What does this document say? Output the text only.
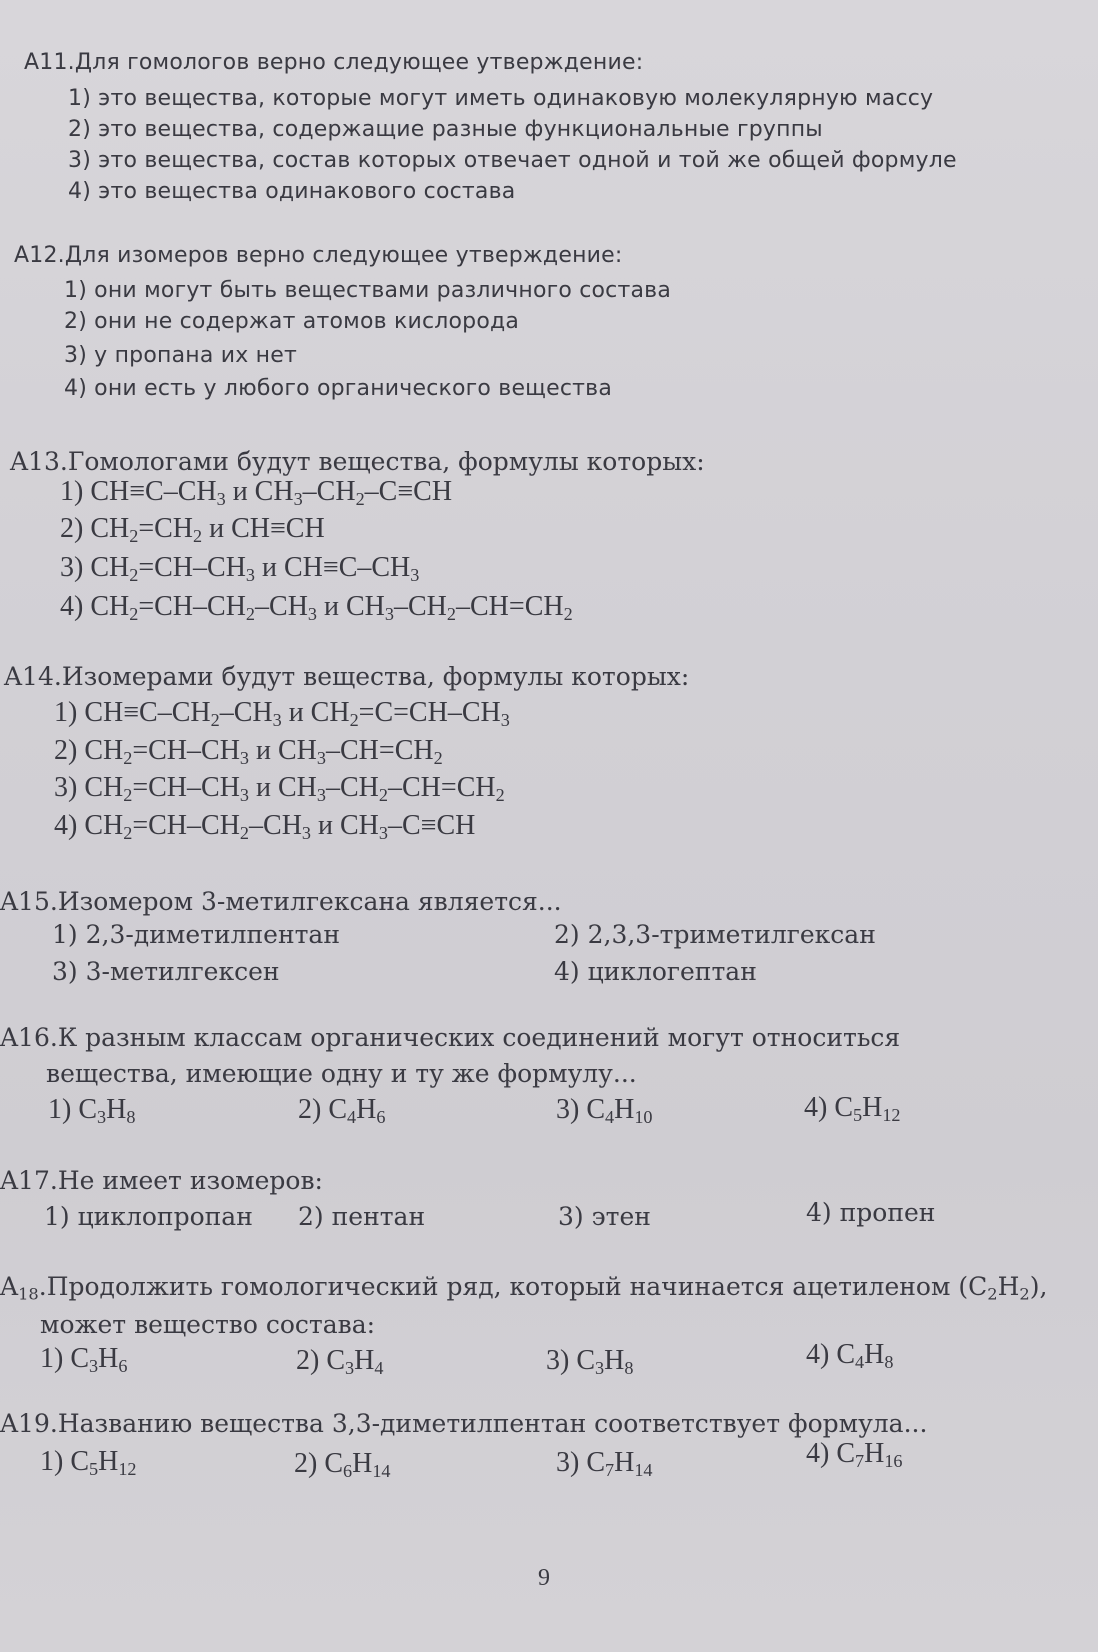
A11.Для гомологов верно следующее утверждение:
1) это вещества, которые могут иметь одинаковую молекулярную массу
2) это вещества, содержащие разные функциональные группы
3) это вещества, состав которых отвечает одной и той же общей формуле
4) это вещества одинакового состава
A12.Для изомеров верно следующее утверждение:
1) они могут быть веществами различного состава
2) они не содержат атомов кислорода
3) у пропана их нет
4) они есть у любого органического вещества
A13.Гомологами будут вещества, формулы которых:
1) $CH\equiv C-CH_3$ и $CH_3-CH_2-C\equiv CH$
2) $CH_2=CH_2$ и CH≡CH
3) $CH_2=CH-CH_3$ и $CH\equiv C-CH_3$
4) $CH_2=CH-CH_2-CH_3$ и $CH_3-CH_2-CH=CH_2$
A14.Изомерами будут вещества, формулы которых:
1) $CH\equiv C-CH_2-CH_3$ и $CH_2=C=CH-CH_3$
2) $CH_2=CH-CH_3$ и $CH_3-CH=CH_2$
3) $CH_2=CH-CH_3$ и $CH_3-CH_2-CH=CH_2$
4) $CH_2=CH-CH_2-CH_3$ и $CH_3-C\equiv CH$
A15.Изомером 3-метилгексана является...
1) 2,3-диметилпентан	2) 2,3,3-триметилгексан
3) 3-метилгексен	4) циклогептан
A16.К разным классам органических соединений могут относиться
вещества, имеющие одну и ту же формулу...
1) $C_3H_8$	2) $C_4H_6$	3) $C_4H_{10}$	4) $C_5H_{12}$
A17.Не имеет изомеров:
1) циклопропан 2) пентан	3) этен	4) пропен
$A_{18}.Продолжить$ гомологический ряд, который начинается ацетиленом $(C_2H_2)$,
может вещество состава:
1) $C_3H_6$	2) $C_3H_4$	3) $C_3H_8$	4) $C_4H_8$
A19.Названию вещества 3,3-диметилпентан соответствует формула...
1) $C_5H_{12}$	2) $C_6H_{14}$	3) $C_7H_{14}$
4) $C_7H_{16}$
9
